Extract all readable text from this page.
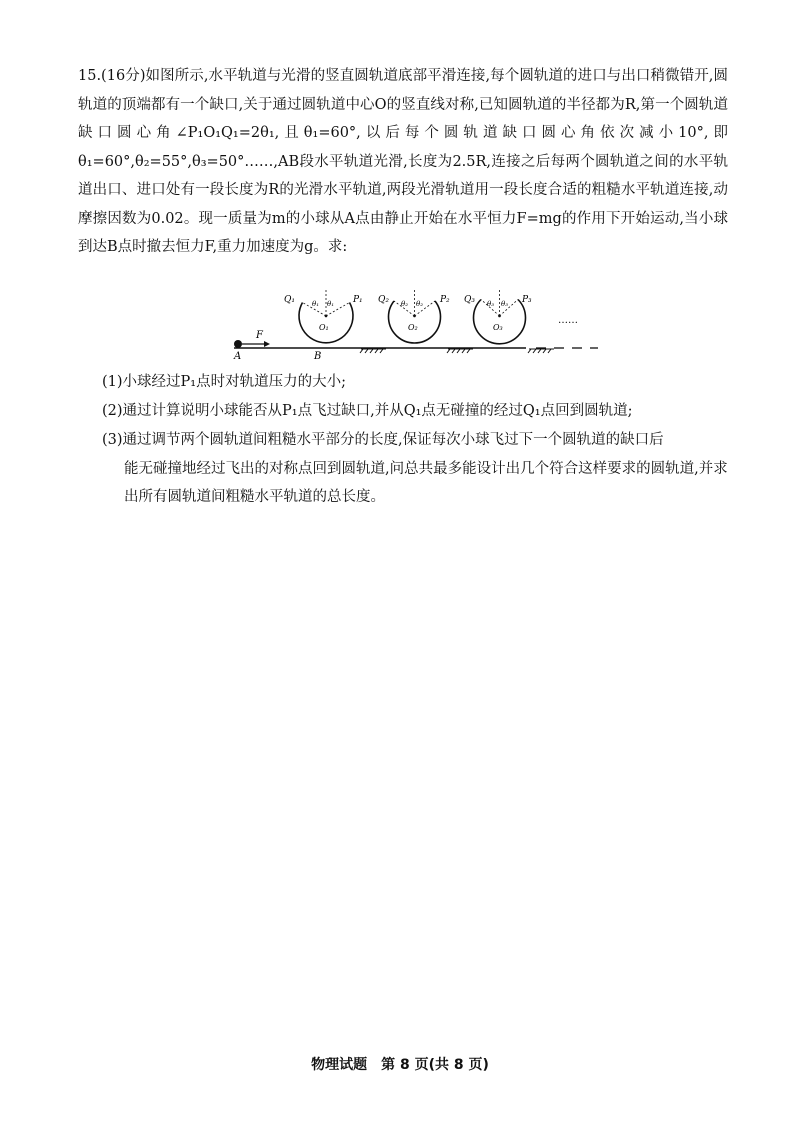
15.(16分)如图所示,水平轨道与光滑的竖直圆轨道底部平滑连接,每个圆轨道的进口与出口稍微错开,圆轨道的顶端都有一个缺口,关于通过圆轨道中心O的竖直线对称,已知圆轨道的半径都为R,第一个圆轨道缺口圆心角∠P₁O₁Q₁=2θ₁,且θ₁=60°,以后每个圆轨道缺口圆心角依次减小10°,即θ₁=60°,θ₂=55°,θ₃=50°……,AB段水平轨道光滑,长度为2.5R,连接之后每两个圆轨道之间的水平轨道出口、进口处有一段长度为R的光滑水平轨道,两段光滑轨道用一段长度合适的粗糙水平轨道连接,动摩擦因数为0.02。现一质量为m的小球从A点由静止开始在水平恒力F=mg的作用下开始运动,当小球到达B点时撤去恒力F,重力加速度为g。求:
F
A	B
Q₁	P₁
O₁
θ₁ θ₁	Q₂	P₂
O₂
θ₂ θ₂	Q₃	P₃
O₃
θ₃ θ₃
……
(1)小球经过P₁点时对轨道压力的大小;
(2)通过计算说明小球能否从P₁点飞过缺口,并从Q₁点无碰撞的经过Q₁点回到圆轨道;
(3)通过调节两个圆轨道间粗糙水平部分的长度,保证每次小球飞过下一个圆轨道的缺口后
能无碰撞地经过飞出的对称点回到圆轨道,问总共最多能设计出几个符合这样要求的圆轨道,并求出所有圆轨道间粗糙水平轨道的总长度。
物理试题　第 8 页(共 8 页)
